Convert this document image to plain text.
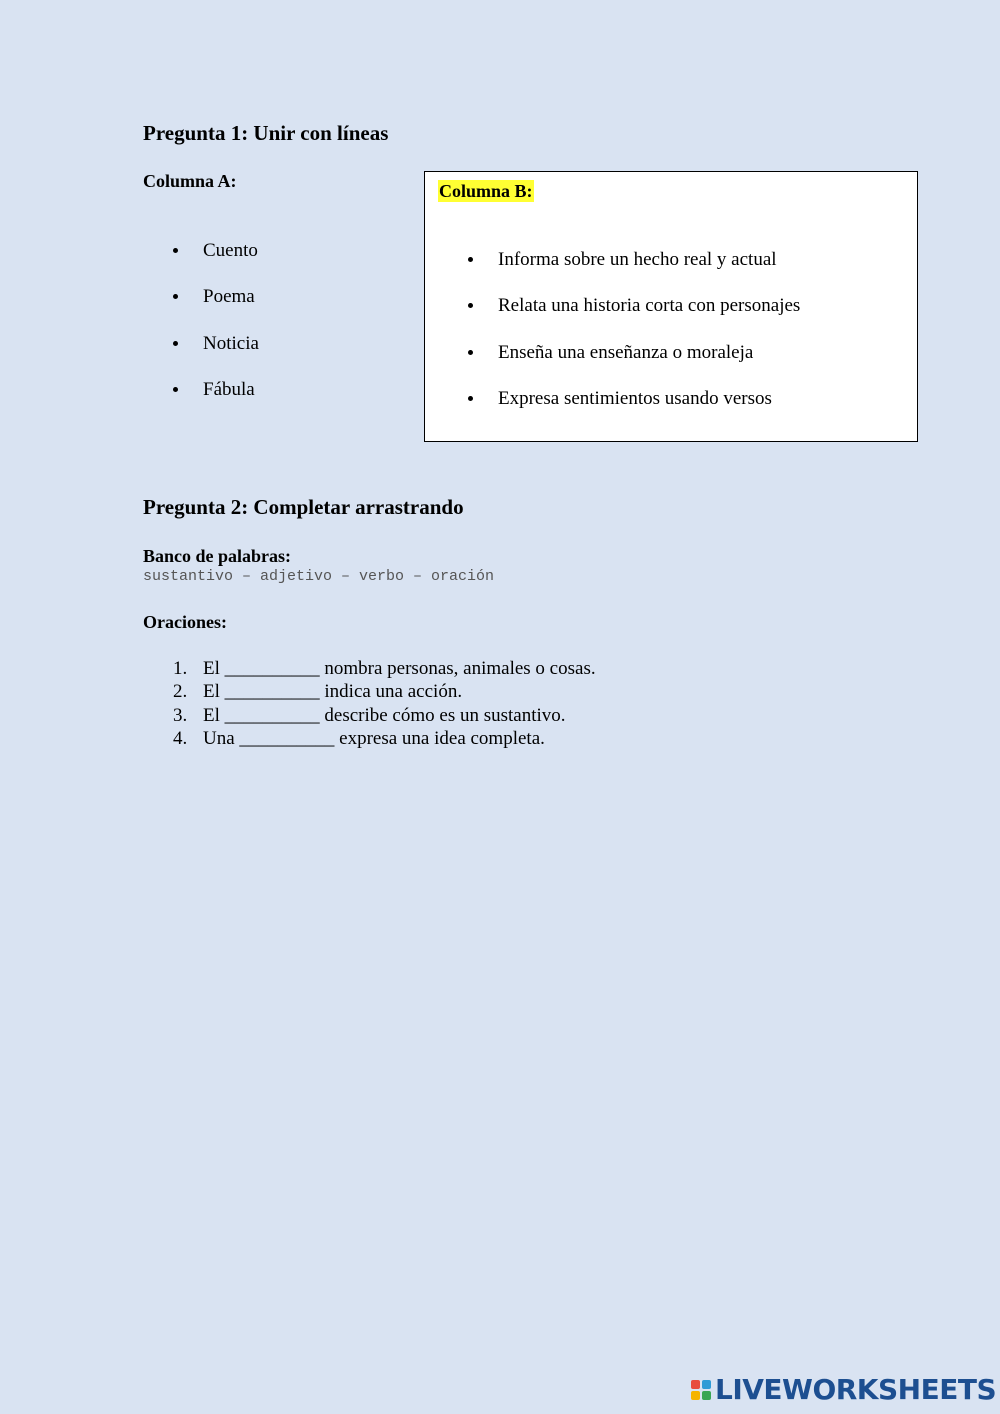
Pregunta 1: Unir con líneas
Columna A:
Cuento
Poema
Noticia
Fábula
Columna B:
Informa sobre un hecho real y actual
Relata una historia corta con personajes
Enseña una enseñanza o moraleja
Expresa sentimientos usando versos
Pregunta 2: Completar arrastrando
Banco de palabras:
sustantivo – adjetivo – verbo – oración
Oraciones:
1. El __________ nombra personas, animales o cosas.
2. El __________ indica una acción.
3. El __________ describe cómo es un sustantivo.
4. Una __________ expresa una idea completa.
LIVEWORKSHEETS
